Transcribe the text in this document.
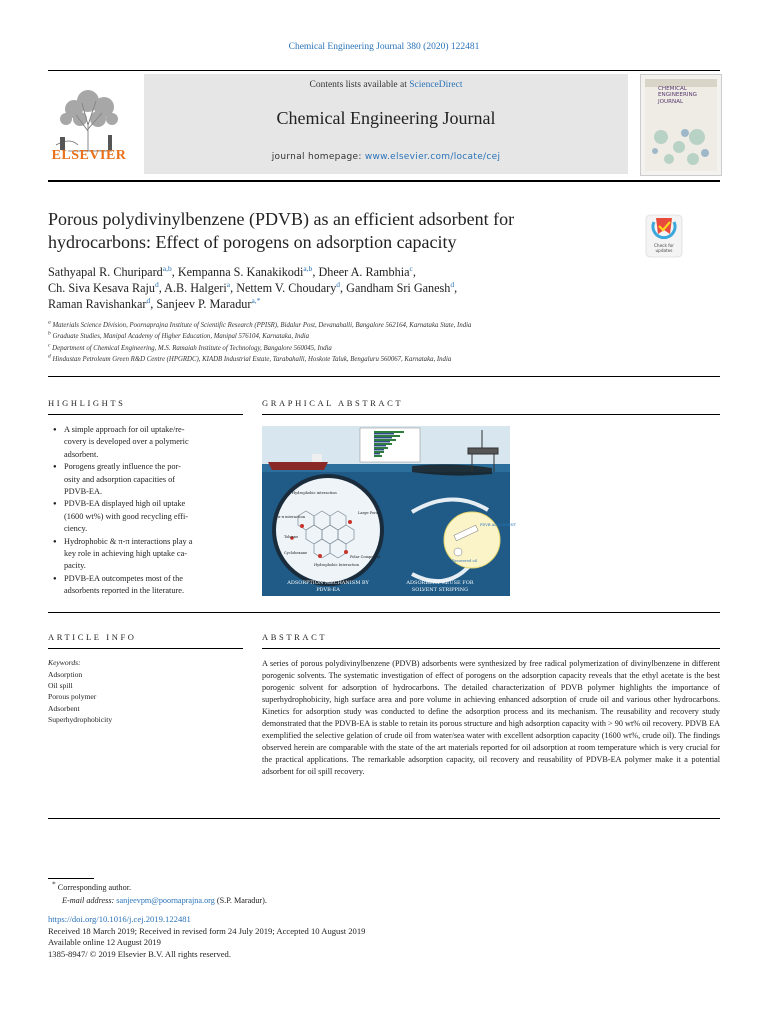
Chemical Engineering Journal 380 (2020) 122481
ELSEVIER
Contents lists available at ScienceDirect
Chemical Engineering Journal
journal homepage: www.elsevier.com/locate/cej
CHEMICAL
ENGINEERING
JOURNAL
Porous polydivinylbenzene (PDVB) as an efficient adsorbent for
hydrocarbons: Effect of porogens on adsorption capacity	Check for
updates
Sathyapal R. Churipard$^{a,b}$, Kempanna S. Kanakikodi$^{a,b}$, Dheer A. Rambhia$^c$,
Ch. Siva Kesava Raju$^d$, A.B. Halgeri$^a$, Nettem V. Choudary$^d$, Gandham Sri Ganesh$^d$,
Raman Ravishankar$^d$, Sanjeev P. Maradur$^{a,*}$
$^a$ Materials Science Division, Poornaprajna Institute of Scientific Research (PPISR), Bidalur Post, Devanahalli, Bangalore 562164, Karnataka State, India
$^b$ Graduate Studies, Manipal Academy of Higher Education, Manipal 576104, Karnataka, India
$^c$ Department of Chemical Engineering, M.S. Ramaiah Institute of Technology, Bangalore 560045, India
$^d$ Hindustan Petroleum Green R&D Centre (HPGRDC), KIADB Industrial Estate, Tarabahalli, Hoskote Taluk, Bengaluru 560067, Karnataka, India
HIGHLIGHTS	GRAPHICAL ABSTRACT
● A simple approach for oil uptake/re-
covery is developed over a polymeric
adsorbent.
● Porogens greatly influence the por-
osity and adsorption capacities of
PDVB-EA.
● PDVB-EA displayed high oil uptake
(1600 wt%) with good recycling effi-
ciency.
● Hydrophobic & π-π interactions play a
key role in achieving high uptake ca-
pacity.
● PDVB-EA outcompetes most of the
adsorbents reported in the literature.
Hydrophobic interaction
π-π interaction
Toluene
Cyclohexane
Large Pore
Polar Compound
Hydrophobic Interaction
PDVB ADSORBENT
Recovered oil
ADSORPTION MECHANISM BY
PDVB-EA
ADSORBENT REUSE FOR
SOLVENT STRIPPING
ARTICLE INFO	ABSTRACT
Keywords:
Adsorption
Oil spill
Porous polymer
Adsorbent
Superhydrophobicity

A series of porous polydivinylbenzene (PDVB) adsorbents were synthesized by free radical polymerization of divinylbenzene in different porogenic solvents. The systematic investigation of effect of porogens on the adsorption capacity reveals that the ethyl acetate is the best porogenic solvent for adsorption of hydrocarbons. The detailed characterization of PDVB polymer highlights the importance of superhydrophobicity, high surface area and pore volume in achieving enhanced adsorption of crude oil and various other hydrocarbons. Kinetics for adsorption study was conducted to define the adsorption process and its mechanism. The reusability and recovery study demonstrated that the PDVB-EA is stable to retain its porous structure and high adsorption capacity with > 90 wt% oil recovery. PDVB EA exemplified the selective gelation of crude oil from water/sea water with excellent adsorption capacity (1600 wt%, crude oil). The findings observed herein are comparable with the state of the art materials reported for oil adsorption at room temperature which is very crucial for the practical applications. The remarkable adsorption capacity, oil recovery and reusability of PDVB-EA polymer make it a potential adsorbent for oil spill recovery.

* Corresponding author.
E-mail address: sanjeevpm@poornaprajna.org (S.P. Maradur).
https://doi.org/10.1016/j.cej.2019.122481
Received 18 March 2019; Received in revised form 24 July 2019; Accepted 10 August 2019
Available online 12 August 2019
1385-8947/ © 2019 Elsevier B.V. All rights reserved.
